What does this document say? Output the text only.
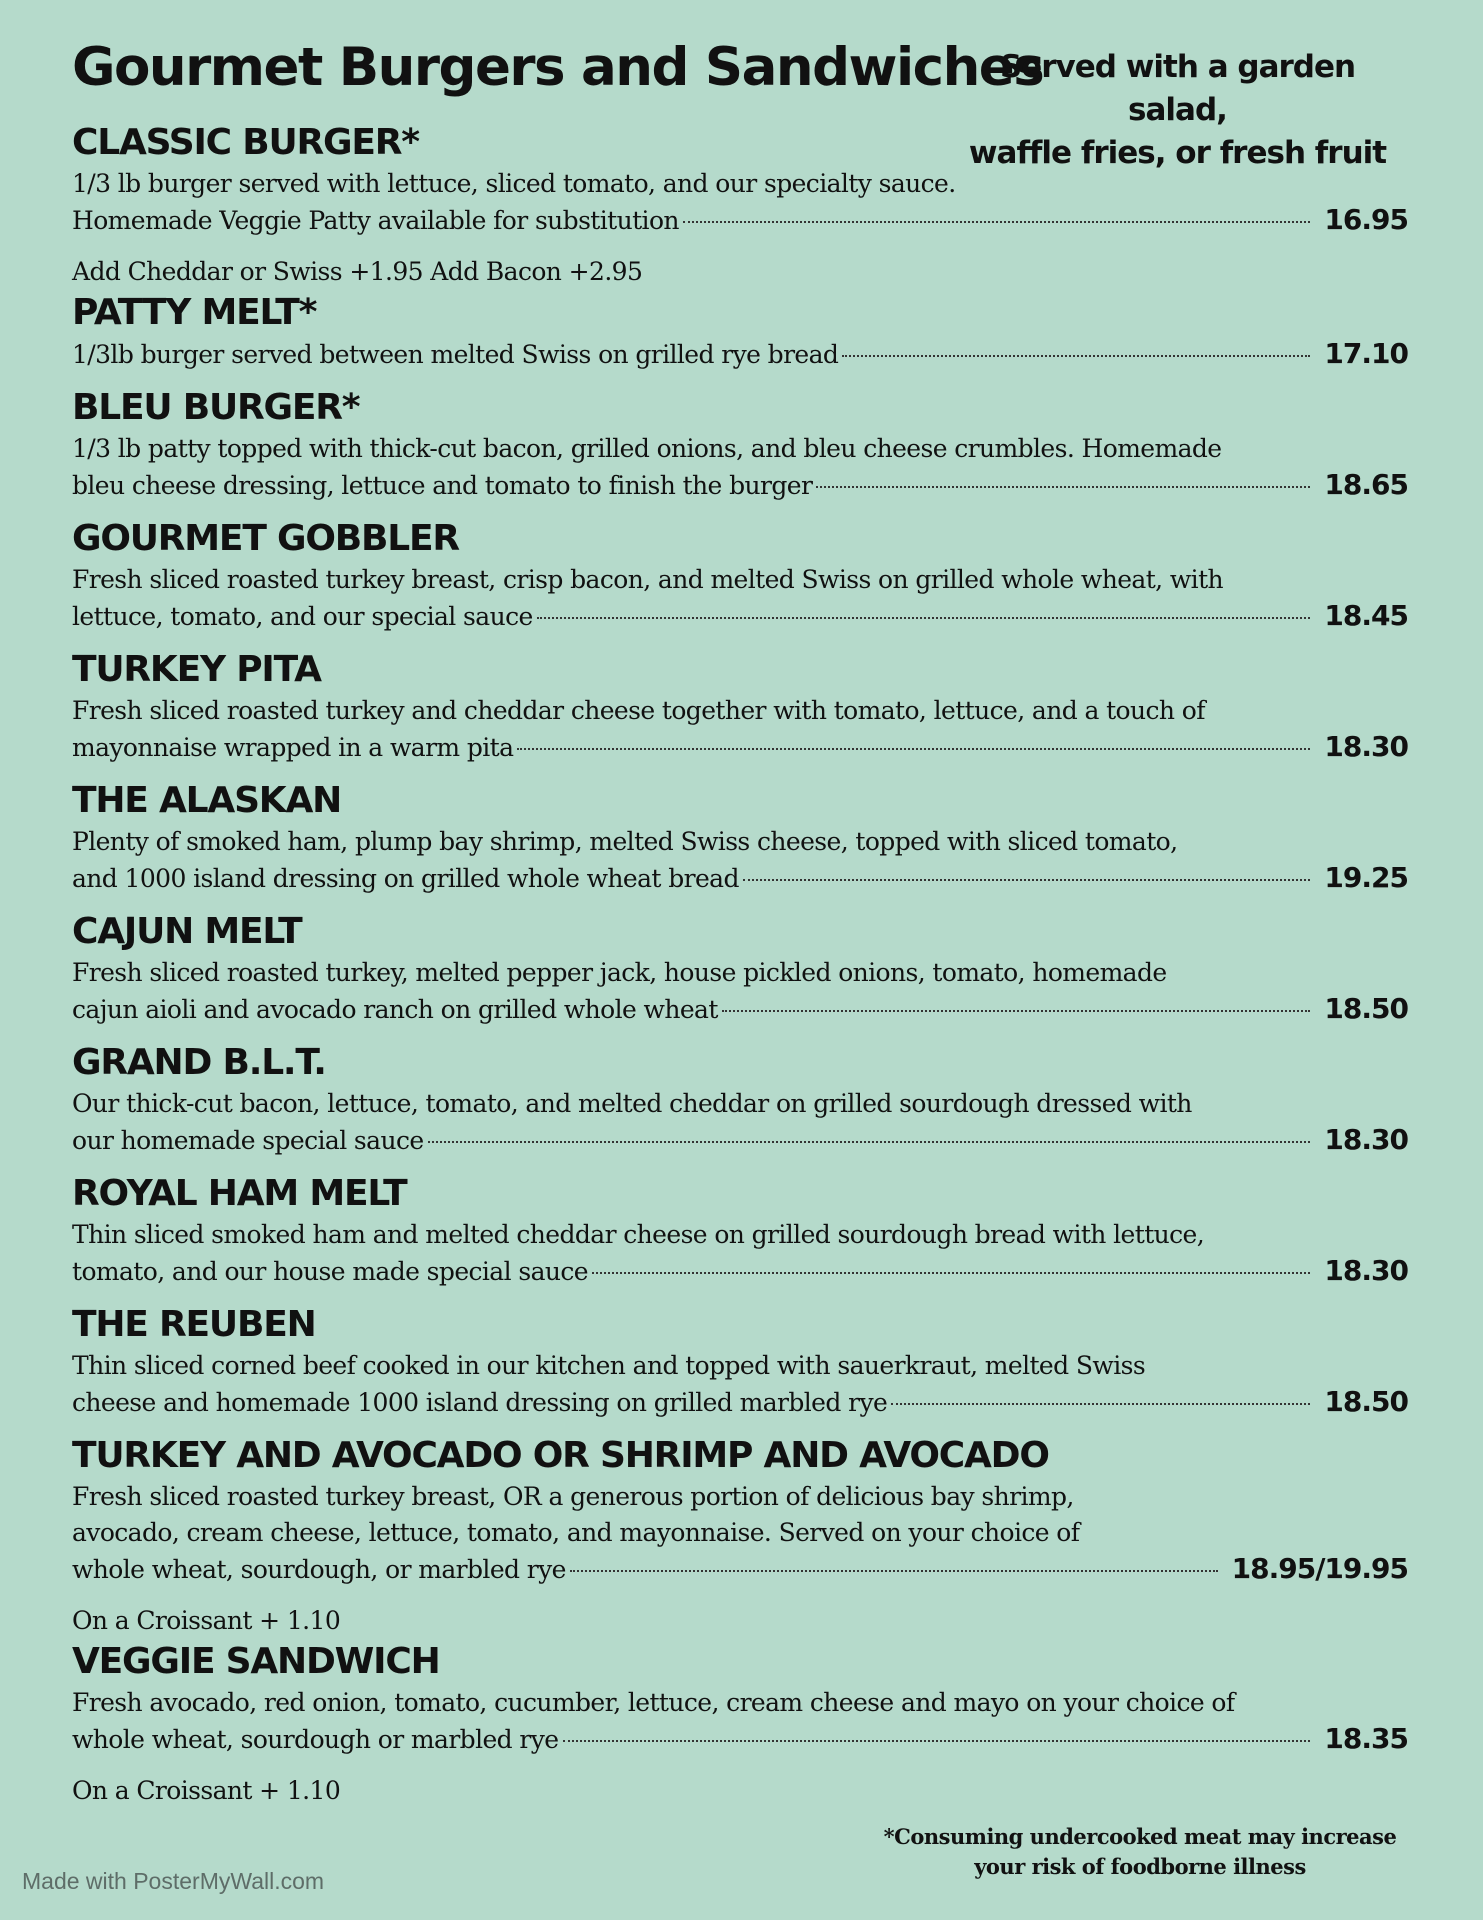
Gourmet Burgers and Sandwiches
Served with a garden salad,
waffle fries, or fresh fruit
CLASSIC BURGER*
1/3 lb burger served with lettuce, sliced tomato, and our specialty sauce.
Homemade Veggie Patty available for substitution	16.95
Add Cheddar or Swiss +1.95 Add Bacon +2.95
PATTY MELT*
1/3lb burger served between melted Swiss on grilled rye bread	17.10
BLEU BURGER*
1/3 lb patty topped with thick-cut bacon, grilled onions, and bleu cheese crumbles. Homemade
bleu cheese dressing, lettuce and tomato to finish the burger	18.65
GOURMET GOBBLER
Fresh sliced roasted turkey breast, crisp bacon, and melted Swiss on grilled whole wheat, with
lettuce, tomato, and our special sauce	18.45
TURKEY PITA
Fresh sliced roasted turkey and cheddar cheese together with tomato, lettuce, and a touch of
mayonnaise wrapped in a warm pita	18.30
THE ALASKAN
Plenty of smoked ham, plump bay shrimp, melted Swiss cheese, topped with sliced tomato,
and 1000 island dressing on grilled whole wheat bread	19.25
CAJUN MELT
Fresh sliced roasted turkey, melted pepper jack, house pickled onions, tomato, homemade
cajun aioli and avocado ranch on grilled whole wheat	18.50
GRAND B.L.T.
Our thick-cut bacon, lettuce, tomato, and melted cheddar on grilled sourdough dressed with
our homemade special sauce	18.30
ROYAL HAM MELT
Thin sliced smoked ham and melted cheddar cheese on grilled sourdough bread with lettuce,
tomato, and our house made special sauce	18.30
THE REUBEN
Thin sliced corned beef cooked in our kitchen and topped with sauerkraut, melted Swiss
cheese and homemade 1000 island dressing on grilled marbled rye	18.50
TURKEY AND AVOCADO OR SHRIMP AND AVOCADO
Fresh sliced roasted turkey breast, OR a generous portion of delicious bay shrimp,
avocado, cream cheese, lettuce, tomato, and mayonnaise. Served on your choice of
whole wheat, sourdough, or marbled rye	18.95/19.95
On a Croissant + 1.10
VEGGIE SANDWICH
Fresh avocado, red onion, tomato, cucumber, lettuce, cream cheese and mayo on your choice of
whole wheat, sourdough or marbled rye	18.35
On a Croissant + 1.10
*Consuming undercooked meat may increase
your risk of foodborne illness
Made with PosterMyWall.com
